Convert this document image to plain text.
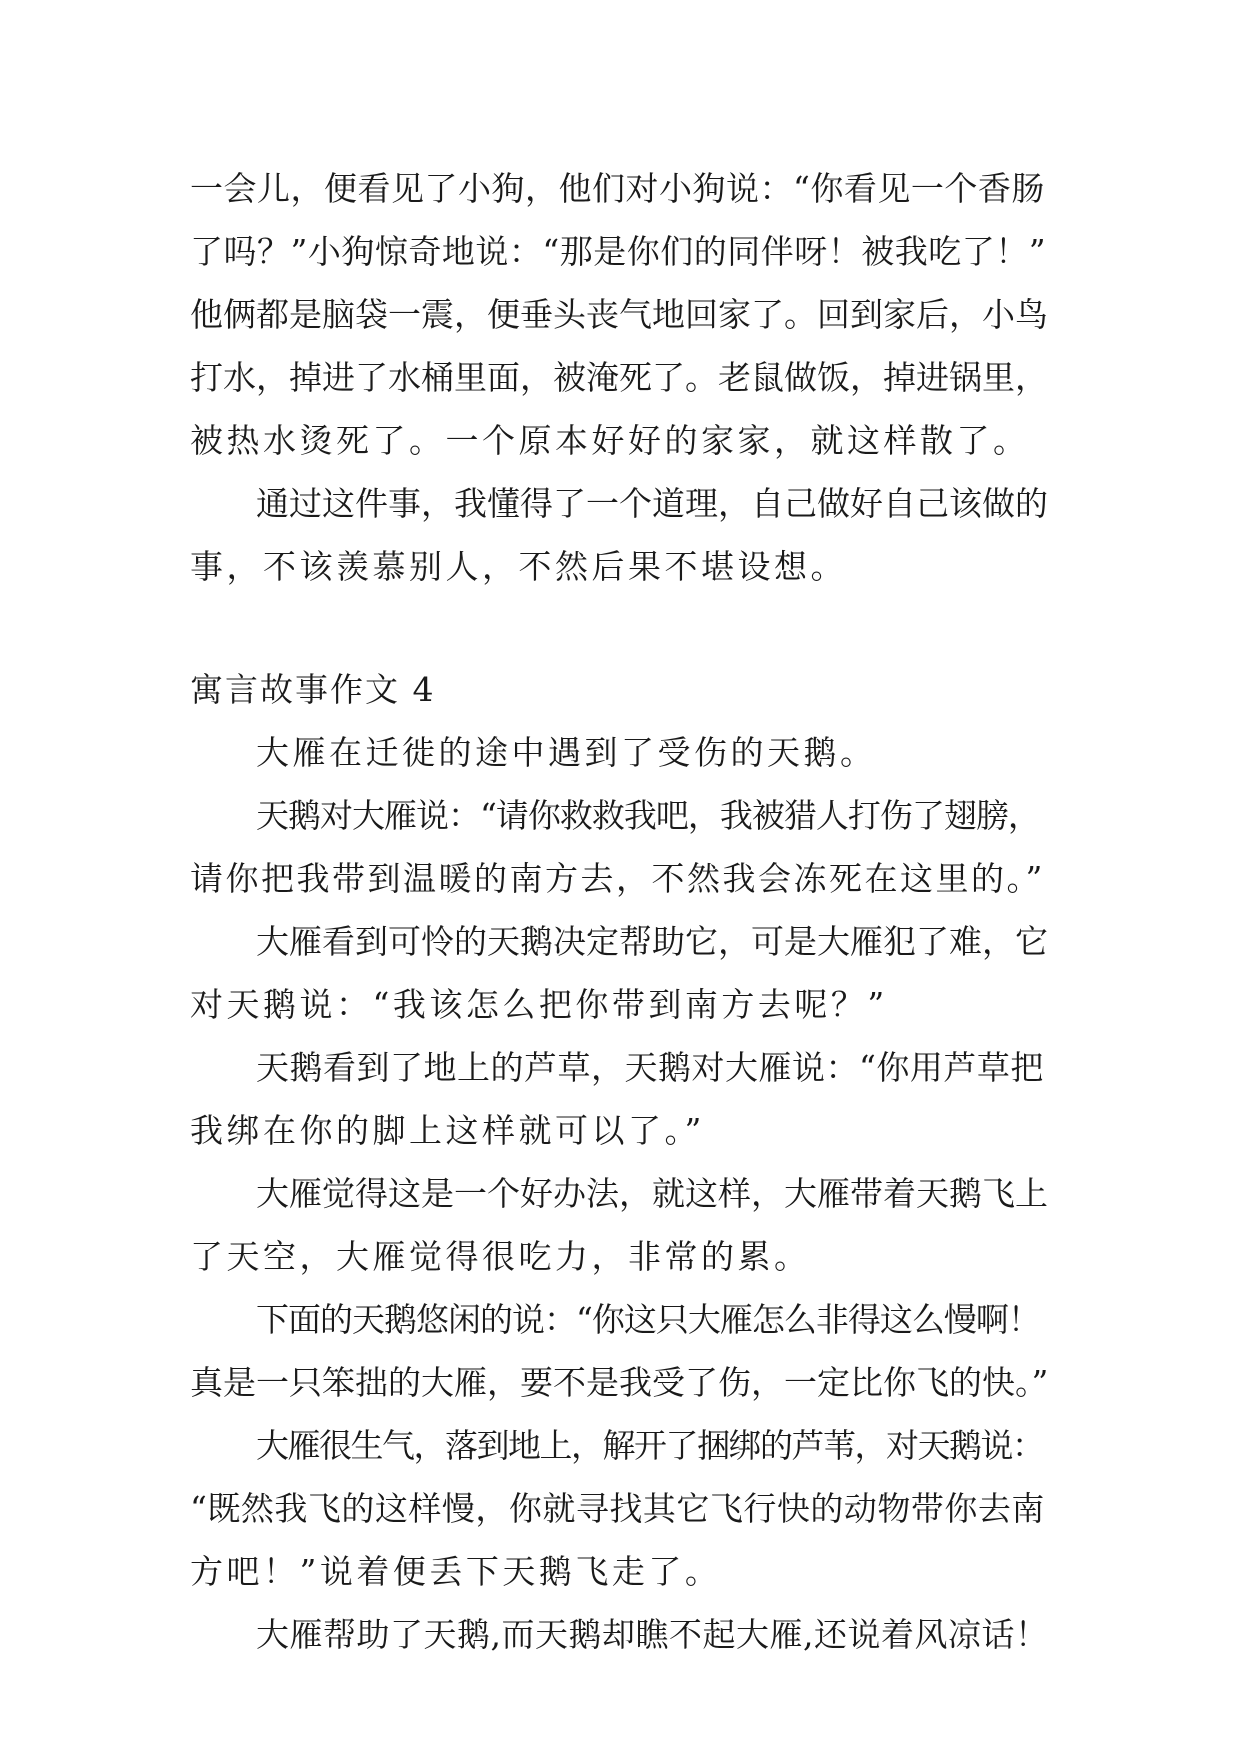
一会儿，便看见了小狗，他们对小狗说：“你看见一个香肠
了吗？”小狗惊奇地说：“那是你们的同伴呀！被我吃了！”
他俩都是脑袋一震，便垂头丧气地回家了。回到家后，小鸟
打水，掉进了水桶里面，被淹死了。老鼠做饭，掉进锅里，
被热水烫死了。一个原本好好的家家，就这样散了。
通过这件事，我懂得了一个道理，自己做好自己该做的
事，不该羡慕别人，不然后果不堪设想。
寓言故事作文 4
大雁在迁徙的途中遇到了受伤的天鹅。
天鹅对大雁说：“请你救救我吧，我被猎人打伤了翅膀，
请你把我带到温暖的南方去，不然我会冻死在这里的。”
大雁看到可怜的天鹅决定帮助它，可是大雁犯了难，它
对天鹅说：“我该怎么把你带到南方去呢？”
天鹅看到了地上的芦草，天鹅对大雁说：“你用芦草把
我绑在你的脚上这样就可以了。”
大雁觉得这是一个好办法，就这样，大雁带着天鹅飞上
了天空，大雁觉得很吃力，非常的累。
下面的天鹅悠闲的说：“你这只大雁怎么非得这么慢啊！
真是一只笨拙的大雁，要不是我受了伤，一定比你飞的快。”
大雁很生气，落到地上，解开了捆绑的芦苇，对天鹅说：
“既然我飞的这样慢，你就寻找其它飞行快的动物带你去南
方吧！”说着便丢下天鹅飞走了。
大雁帮助了天鹅,而天鹅却瞧不起大雁,还说着风凉话！
